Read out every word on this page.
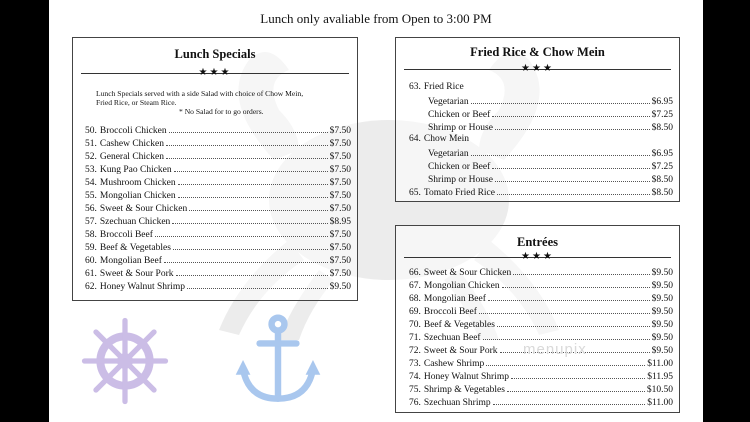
Lunch only avaliable from Open to 3:00 PM
Lunch Specials
★★★
Lunch Specials served with a side Salad with choice of Chow Mein,
Fried Rice, or Steam Rice.
* No Salad for to go orders.
50. Broccoli Chicken	$7.50
51. Cashew Chicken	$7.50
52. General Chicken	$7.50
53. Kung Pao Chicken	$7.50
54. Mushroom Chicken	$7.50
55. Mongolian Chicken	$7.50
56. Sweet & Sour Chicken	$7.50
57. Szechuan Chicken	$8.95
58. Broccoli Beef	$7.50
59. Beef & Vegetables	$7.50
60. Mongolian Beef	$7.50
61. Sweet & Sour Pork	$7.50
62. Honey Walnut Shrimp	$9.50
Fried Rice & Chow Mein
★★★
63. Fried Rice
Vegetarian	$6.95
Chicken or Beef	$7.25
Shrimp or House	$8.50
64. Chow Mein
Vegetarian	$6.95
Chicken or Beef	$7.25
Shrimp or House	$8.50
65. Tomato Fried Rice	$8.50
Entrées
★★★
66. Sweet & Sour Chicken	$9.50
67. Mongolian Chicken	$9.50
68. Mongolian Beef	$9.50
69. Broccoli Beef	$9.50
70. Beef & Vegetables	$9.50
71. Szechuan Beef	$9.50
72. Sweet & Sour Pork	$9.50
73. Cashew Shrimp	$11.00
74. Honey Walnut Shrimp	$11.95
75. Shrimp & Vegetables	$10.50
76. Szechuan Shrimp	$11.00
menupix
